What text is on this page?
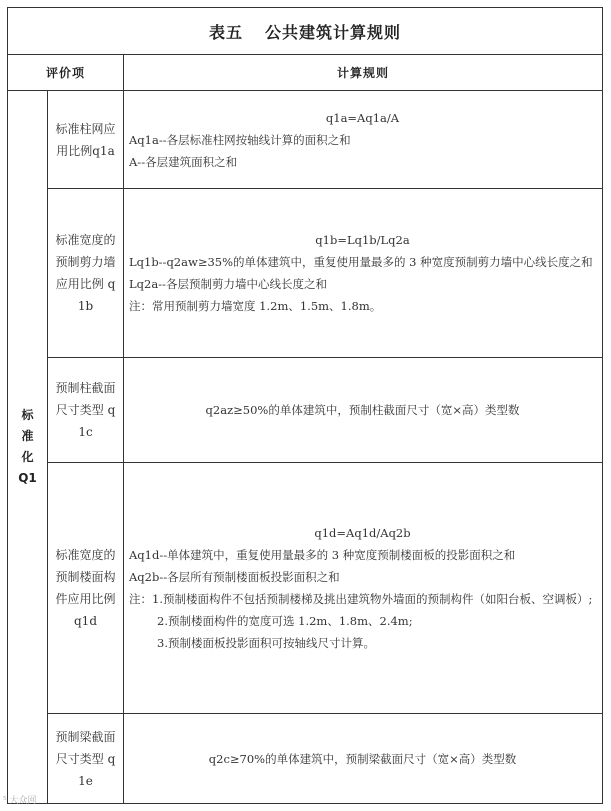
表五 公共建筑计算规则
评价项	计算规则
标
准
化
Q1
标准柱网应用比例q1a
q1a=Aq1a/A
Aq1a--各层标准柱网按轴线计算的面积之和
A--各层建筑面积之和
标准宽度的预制剪力墙应用比例 q1b
q1b=Lq1b/Lq2a
Lq1b--q2aw≥35%的单体建筑中，重复使用量最多的 3 种宽度预制剪力墙中心线长度之和
Lq2a--各层预制剪力墙中心线长度之和
注：常用预制剪力墙宽度 1.2m、1.5m、1.8m。
预制柱截面尺寸类型 q1c
q2az≥50%的单体建筑中，预制柱截面尺寸（宽×高）类型数
标准宽度的预制楼面构件应用比例q1d
q1d=Aq1d/Aq2b
Aq1d--单体建筑中，重复使用量最多的 3 种宽度预制楼面板的投影面积之和
Aq2b--各层所有预制楼面板投影面积之和
注：1.预制楼面构件不包括预制楼梯及挑出建筑物外墙面的预制构件（如阳台板、空调板）;
2.预制楼面构件的宽度可选 1.2m、1.8m、2.4m;
3.预制楼面板投影面积可按轴线尺寸计算。
预制梁截面尺寸类型 q1e
q2c≥70%的单体建筑中，预制梁截面尺寸（宽×高）类型数
⁵ 大众网
